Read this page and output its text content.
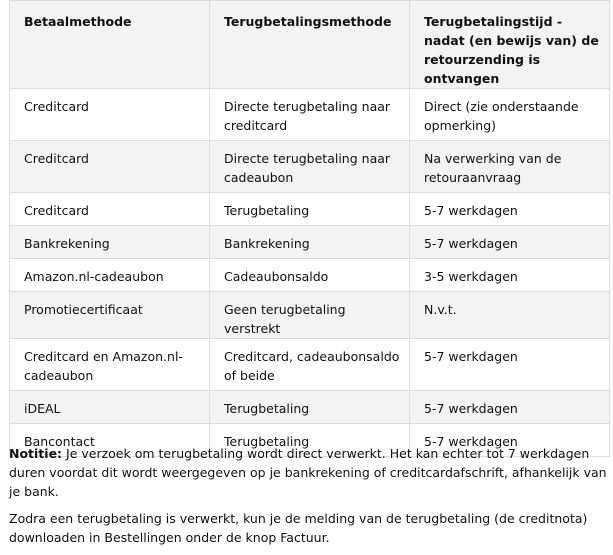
Betaalmethode	Terugbetalingsmethode	Terugbetalingstijd - nadat (en bewijs van) de retourzending is ontvangen
Creditcard	Directe terugbetaling naar creditcard	Direct (zie onderstaande opmerking)
Creditcard	Directe terugbetaling naar cadeaubon	Na verwerking van de retouraanvraag
Creditcard	Terugbetaling	5-7 werkdagen
Bankrekening	Bankrekening	5-7 werkdagen
Amazon.nl-cadeaubon	Cadeaubonsaldo	3-5 werkdagen
Promotiecertificaat	Geen terugbetaling verstrekt	N.v.t.
Creditcard en Amazon.nl-cadeaubon	Creditcard, cadeaubonsaldo of beide	5-7 werkdagen
iDEAL	Terugbetaling	5-7 werkdagen
Bancontact	Terugbetaling	5-7 werkdagen

Notitie: Je verzoek om terugbetaling wordt direct verwerkt. Het kan echter tot 7 werkdagen duren voordat dit wordt weergegeven op je bankrekening of creditcardafschrift, afhankelijk van je bank.

Zodra een terugbetaling is verwerkt, kun je de melding van de terugbetaling (de creditnota) downloaden in Bestellingen onder de knop Factuur.
